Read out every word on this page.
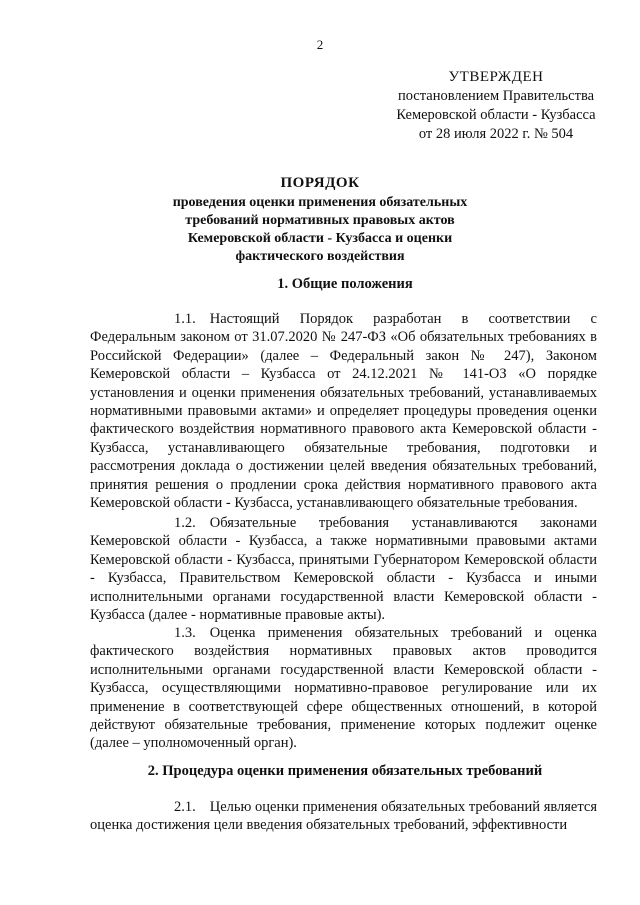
2
УТВЕРЖДЕН
постановлением Правительства
Кемеровской области - Кузбасса
от 28 июля 2022 г. № 504
ПОРЯДОК
проведения оценки применения обязательных
требований нормативных правовых актов
Кемеровской области - Кузбасса и оценки
фактического воздействия
1. Общие положения

1.1. Настоящий Порядок разработан в соответствии с Федеральным законом от 31.07.2020 № 247-ФЗ «Об обязательных требованиях в Российской Федерации» (далее – Федеральный закон № 247), Законом Кемеровской области – Кузбасса от 24.12.2021 № 141-ОЗ «О порядке установления и оценки применения обязательных требований, устанавливаемых нормативными правовыми актами» и определяет процедуры проведения оценки фактического воздействия нормативного правового акта Кемеровской области - Кузбасса, устанавливающего обязательные требования, подготовки и рассмотрения доклада о достижении целей введения обязательных требований, принятия решения о продлении срока действия нормативного правового акта Кемеровской области - Кузбасса, устанавливающего обязательные требования.

1.2. Обязательные требования устанавливаются законами Кемеровской области - Кузбасса, а также нормативными правовыми актами Кемеровской области - Кузбасса, принятыми Губернатором Кемеровской области - Кузбасса, Правительством Кемеровской области - Кузбасса и иными исполнительными органами государственной власти Кемеровской области - Кузбасса (далее - нормативные правовые акты).

1.3. Оценка применения обязательных требований и оценка фактического воздействия нормативных правовых актов проводится исполнительными органами государственной власти Кемеровской области - Кузбасса, осуществляющими нормативно-правовое регулирование или их применение в соответствующей сфере общественных отношений, в которой действуют обязательные требования, применение которых подлежит оценке (далее – уполномоченный орган).

2. Процедура оценки применения обязательных требований

2.1. Целью оценки применения обязательных требований является оценка достижения цели введения обязательных требований, эффективности
